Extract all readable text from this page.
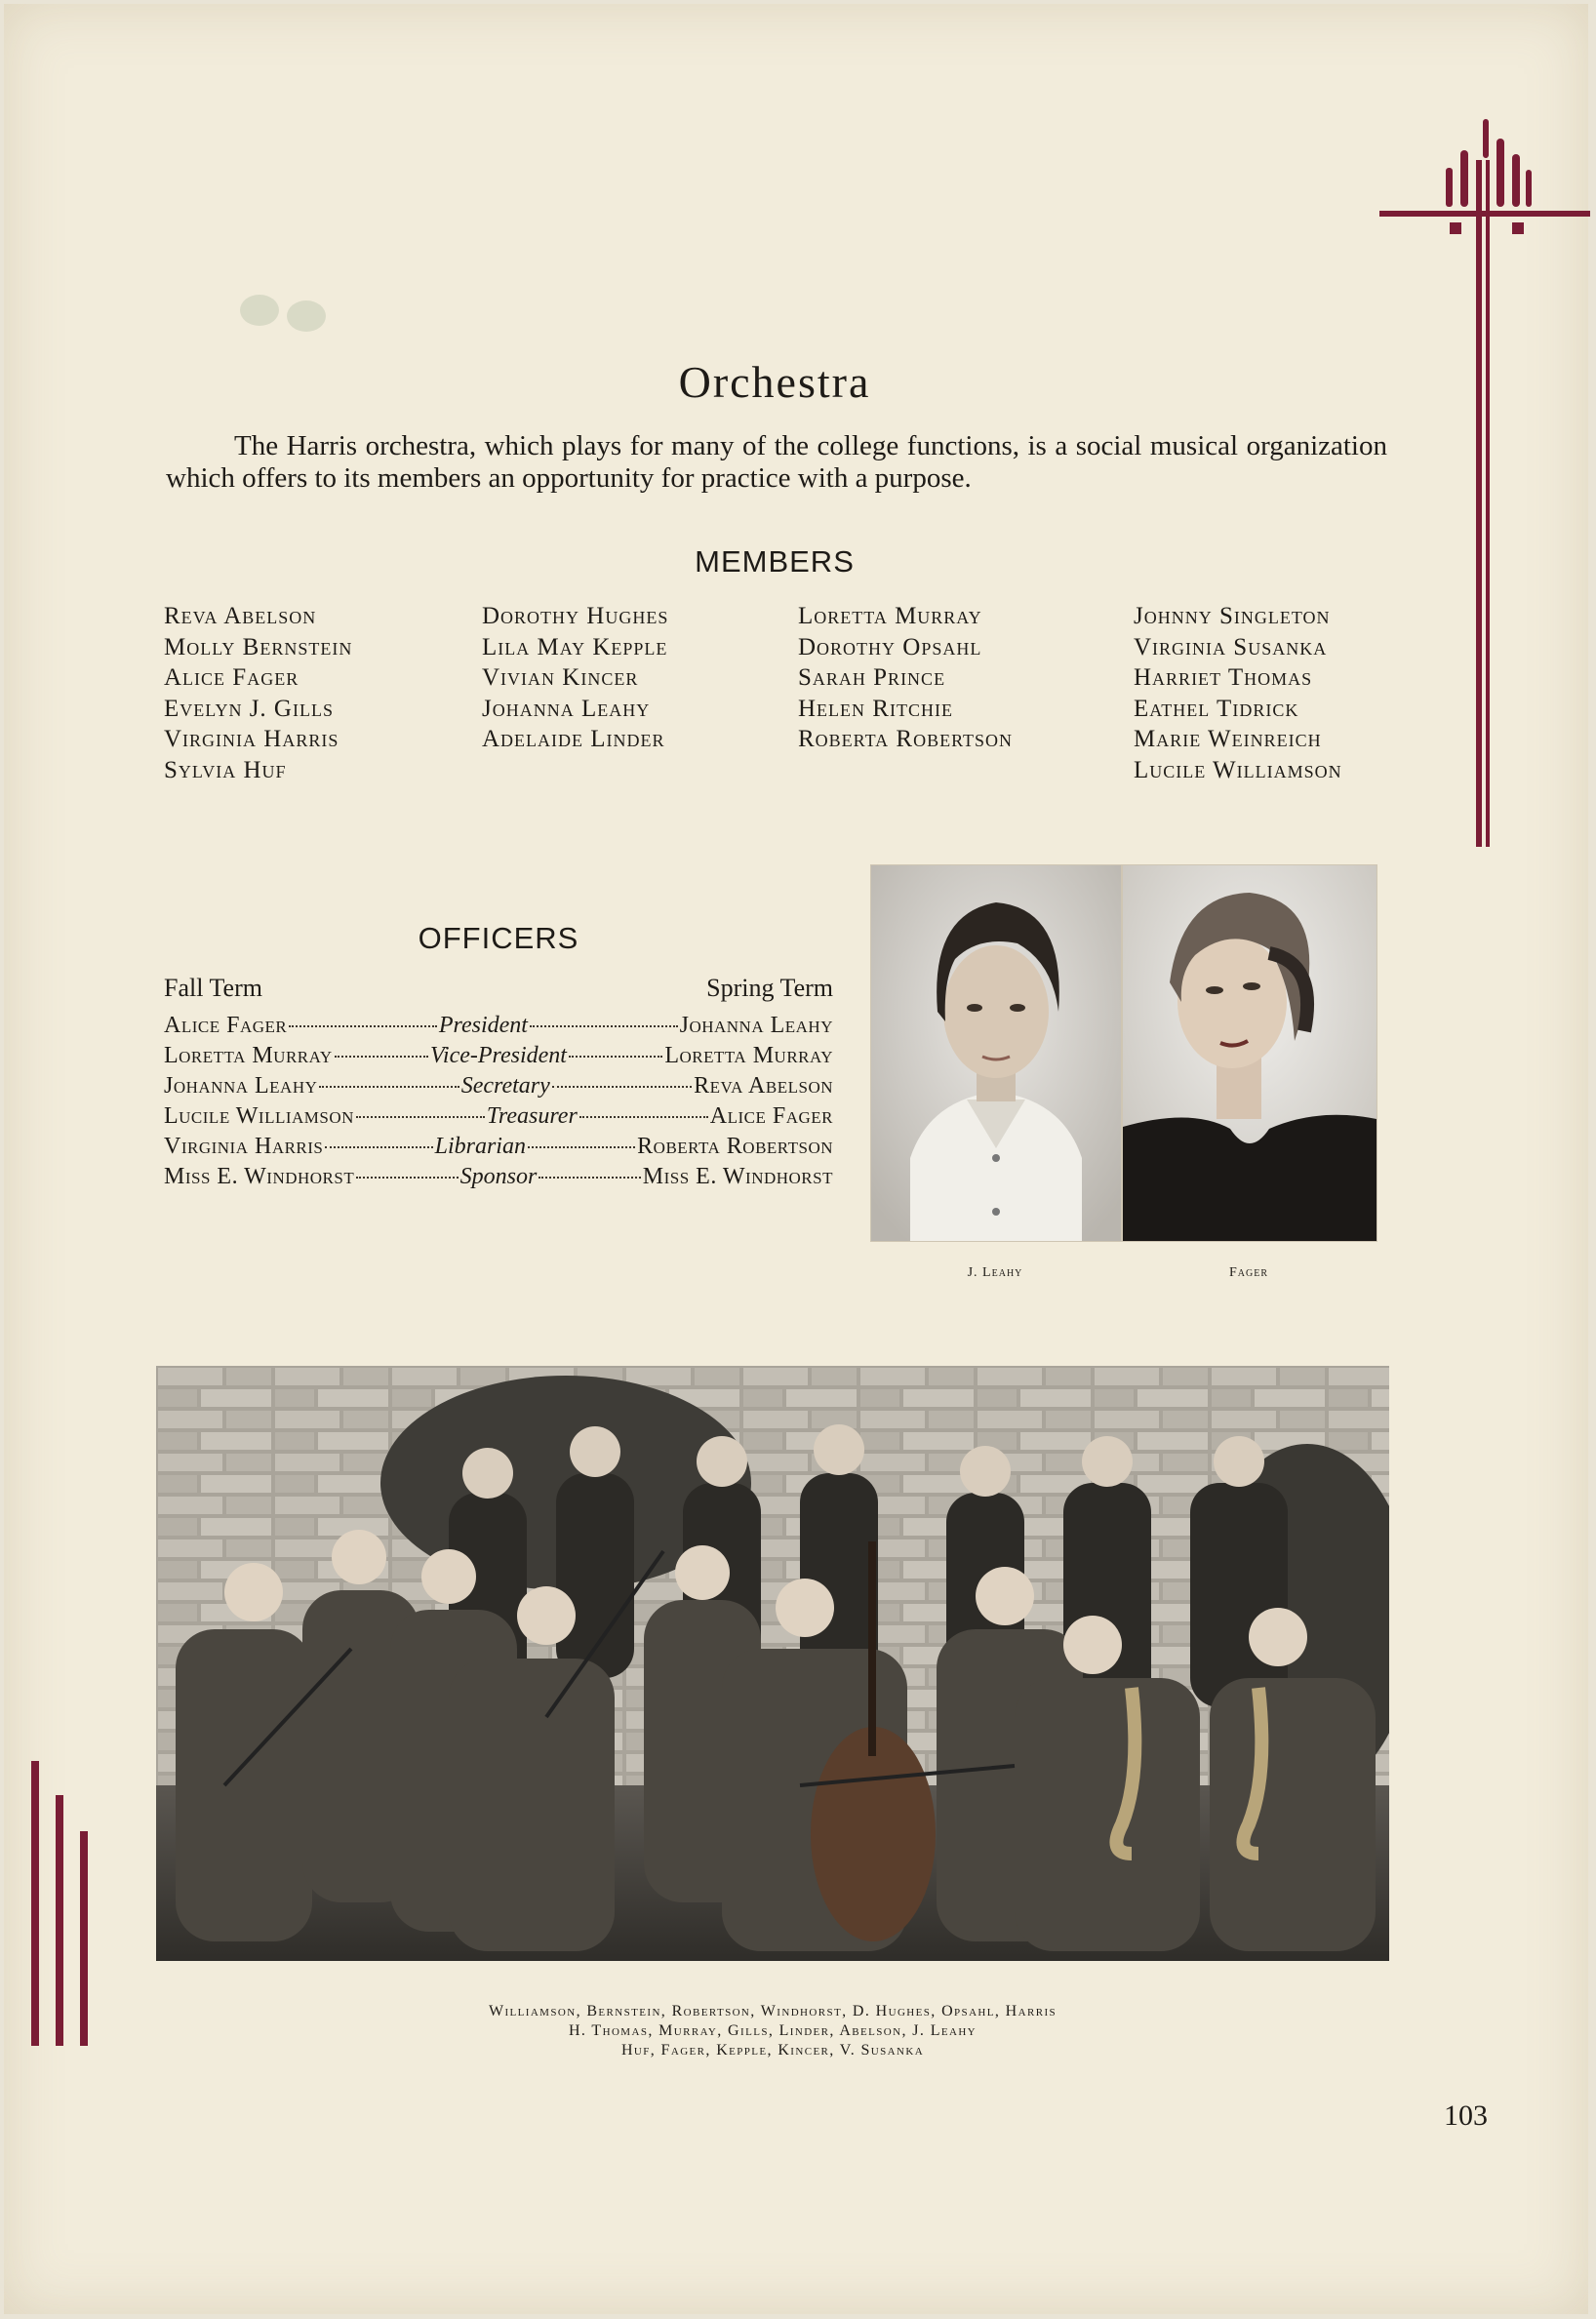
Orchestra

The Harris orchestra, which plays for many of the college functions, is a social musical organization which offers to its members an opportunity for practice with a purpose.

MEMBERS
Reva Abelson
Molly Bernstein
Alice Fager
Evelyn J. Gills
Virginia Harris
Sylvia Huf
Dorothy Hughes
Lila May Kepple
Vivian Kincer
Johanna Leahy
Adelaide Linder
Loretta Murray
Dorothy Opsahl
Sarah Prince
Helen Ritchie
Roberta Robertson
Johnny Singleton
Virginia Susanka
Harriet Thomas
Eathel Tidrick
Marie Weinreich
Lucile Williamson
OFFICERS
Fall Term	Spring Term
Alice Fager	President	Johanna Leahy
Loretta Murray	Vice-President	Loretta Murray
Johanna Leahy	Secretary	Reva Abelson
Lucile Williamson	Treasurer	Alice Fager
Virginia Harris	Librarian	Roberta Robertson
Miss E. Windhorst	Sponsor	Miss E. Windhorst
J. Leahy	Fager
Williamson, Bernstein, Robertson, Windhorst, D. Hughes, Opsahl, Harris
H. Thomas, Murray, Gills, Linder, Abelson, J. Leahy
Huf, Fager, Kepple, Kincer, V. Susanka
103
